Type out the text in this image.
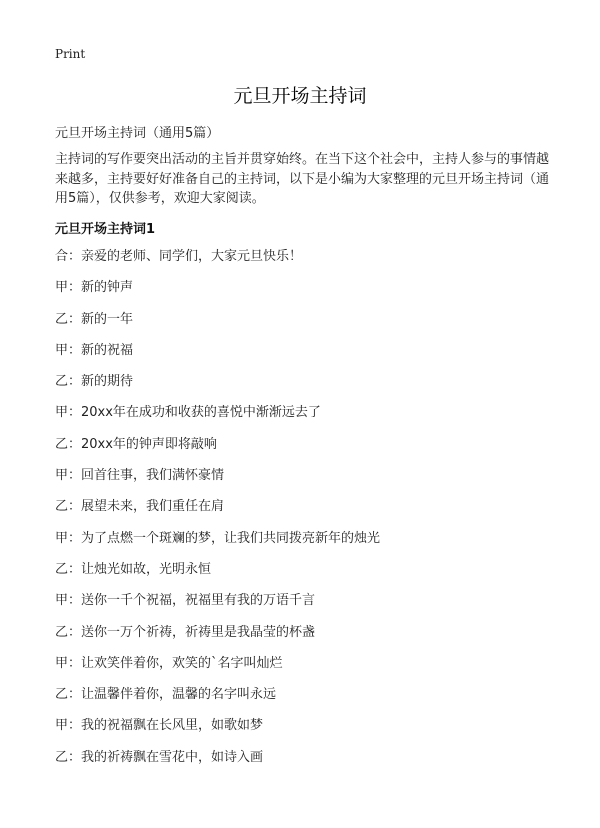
Print
元旦开场主持词
元旦开场主持词（通用5篇）
主持词的写作要突出活动的主旨并贯穿始终。在当下这个社会中，主持人参与的事情越来越多，主持要好好准备自己的主持词，以下是小编为大家整理的元旦开场主持词（通用5篇），仅供参考，欢迎大家阅读。
元旦开场主持词1
合：亲爱的老师、同学们，大家元旦快乐！
甲：新的钟声
乙：新的一年
甲：新的祝福
乙：新的期待
甲：20xx年在成功和收获的喜悦中渐渐远去了
乙：20xx年的钟声即将敲响
甲：回首往事，我们满怀豪情
乙：展望未来，我们重任在肩
甲：为了点燃一个斑斓的梦，让我们共同拨亮新年的烛光
乙：让烛光如故，光明永恒
甲：送你一千个祝福，祝福里有我的万语千言
乙：送你一万个祈祷，祈祷里是我晶莹的杯盏
甲：让欢笑伴着你，欢笑的`名字叫灿烂
乙：让温馨伴着你，温馨的名字叫永远
甲：我的祝福飘在长风里，如歌如梦
乙：我的祈祷飘在雪花中，如诗入画
